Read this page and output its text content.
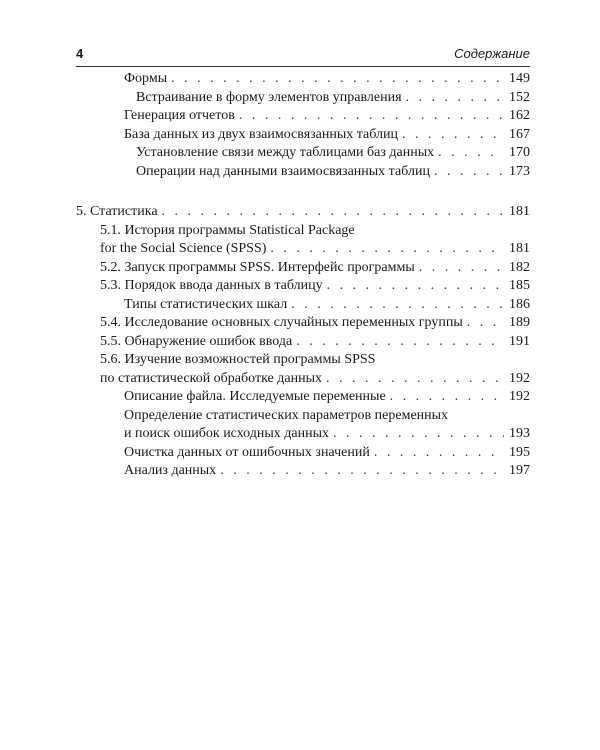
4	Содержание
Формы . . .	149
Встраивание в форму элементов управления . . .	152
Генерация отчетов . . .	162
База данных из двух взаимосвязанных таблиц . . .	167
Установление связи между таблицами баз данных . . .	170
Операции над данными взаимосвязанных таблиц . . .	173
5. Статистика . . .	181
5.1. История программы Statistical Package
for the Social Science (SPSS) . . .	181
5.2. Запуск программы SPSS. Интерфейс программы . . .	182
5.3. Порядок ввода данных в таблицу . . .	185
Типы статистических шкал . . .	186
5.4. Исследование основных случайных переменных группы . . .	189
5.5. Обнаружение ошибок ввода . . .	191
5.6. Изучение возможностей программы SPSS
по статистической обработке данных . . .	192
Описание файла. Исследуемые переменные . . .	192
Определение статистических параметров переменных
и поиск ошибок исходных данных . . .	193
Очистка данных от ошибочных значений . . .	195
Анализ данных . . .	197
